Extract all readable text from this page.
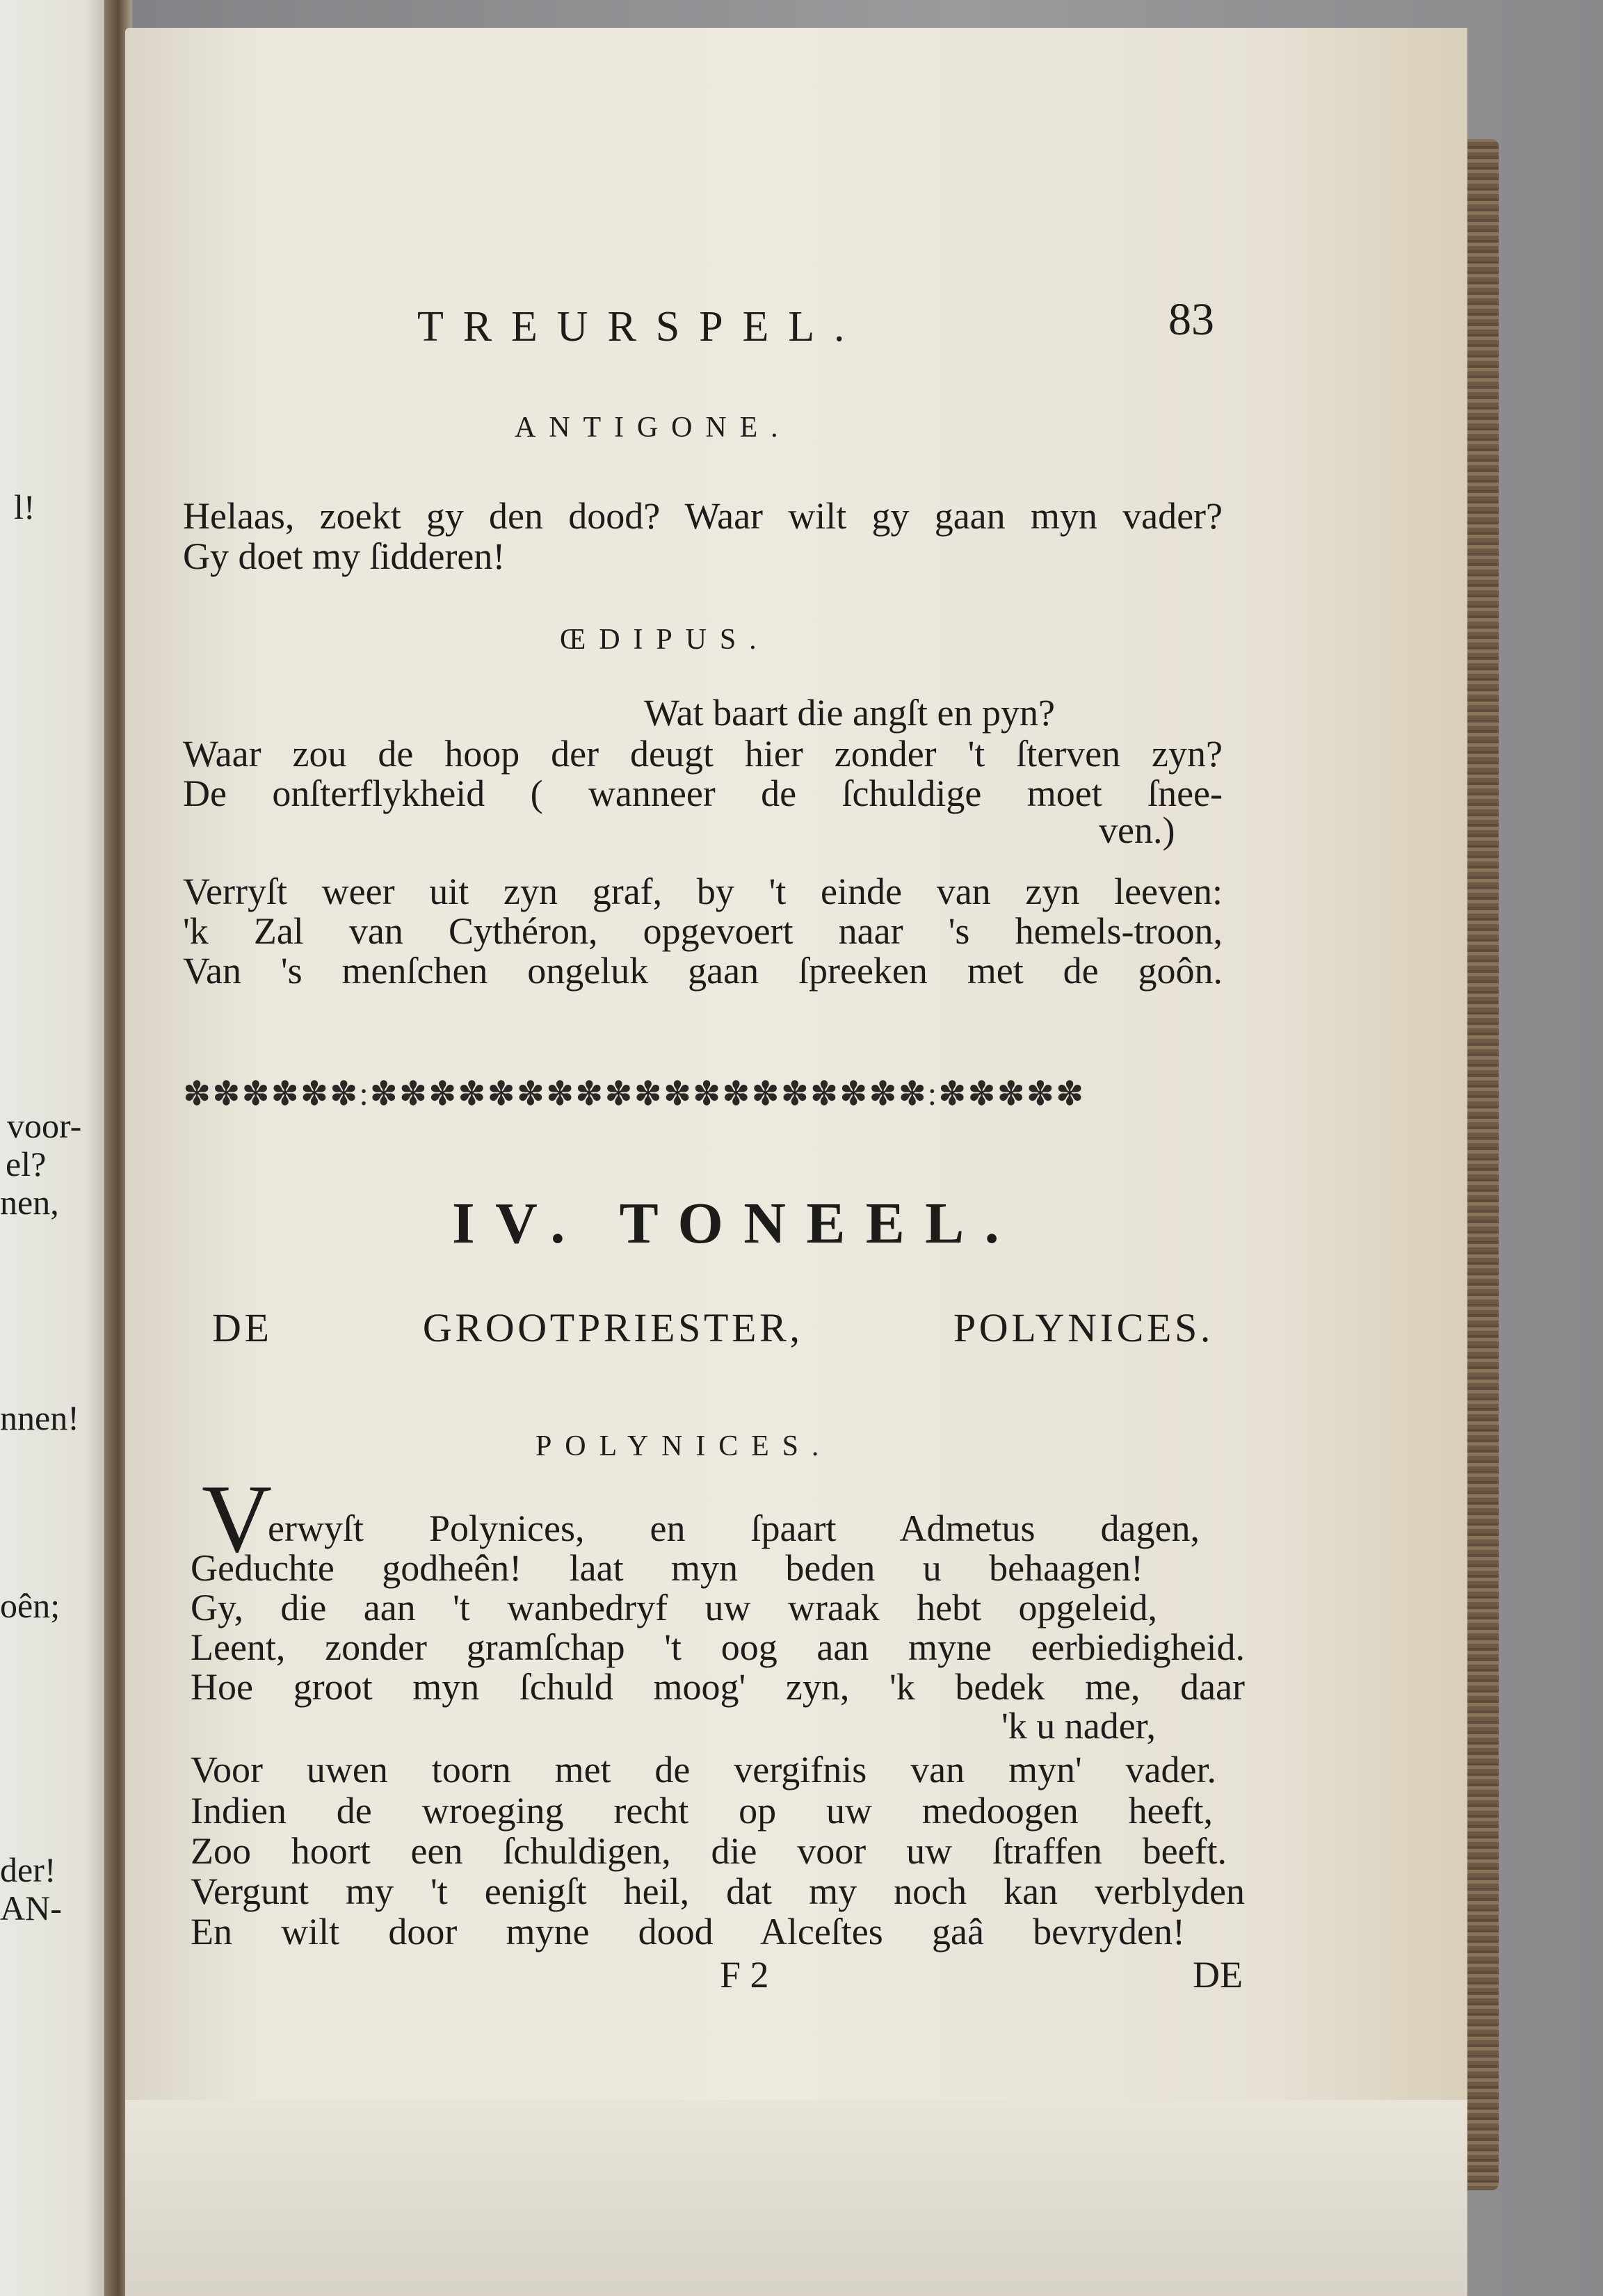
l!
voor-
el?
nen,
nnen!
oên;
der!
AN-
TREURSPEL.	83
ANTIGONE.
Helaas, zoekt gy den dood? Waar wilt gy gaan myn vader?
Gy doet my ſidderen!
ŒDIPUS.
Wat baart die angſt en pyn?
Waar zou de hoop der deugt hier zonder 't ſterven zyn?
De onſterflykheid ( wanneer de ſchuldige moet ſnee-
ven.)
Verryſt weer uit zyn graf, by 't einde van zyn leeven:
'k Zal van Cythéron, opgevoert naar 's hemels-troon,
Van 's menſchen ongeluk gaan ſpreeken met de goôn.
✽✽✽✽✽✽:✽✽✽✽✽✽✽✽✽✽✽✽✽✽✽✽✽✽✽:✽✽✽✽✽
IV. TONEEL.
DE GROOTPRIESTER, POLYNICES.
POLYNICES.
V
erwyſt Polynices, en ſpaart Admetus dagen,
Geduchte godheên! laat myn beden u behaagen!
Gy, die aan 't wanbedryf uw wraak hebt opgeleid,
Leent, zonder gramſchap 't oog aan myne eerbiedigheid.
Hoe groot myn ſchuld moog' zyn, 'k bedek me, daar
'k u nader,
Voor uwen toorn met de vergifnis van myn' vader.
Indien de wroeging recht op uw medoogen heeft,
Zoo hoort een ſchuldigen, die voor uw ſtraffen beeft.
Vergunt my 't eenigſt heil, dat my noch kan verblyden
En wilt door myne dood Alceſtes gaâ bevryden!
F 2	DE
